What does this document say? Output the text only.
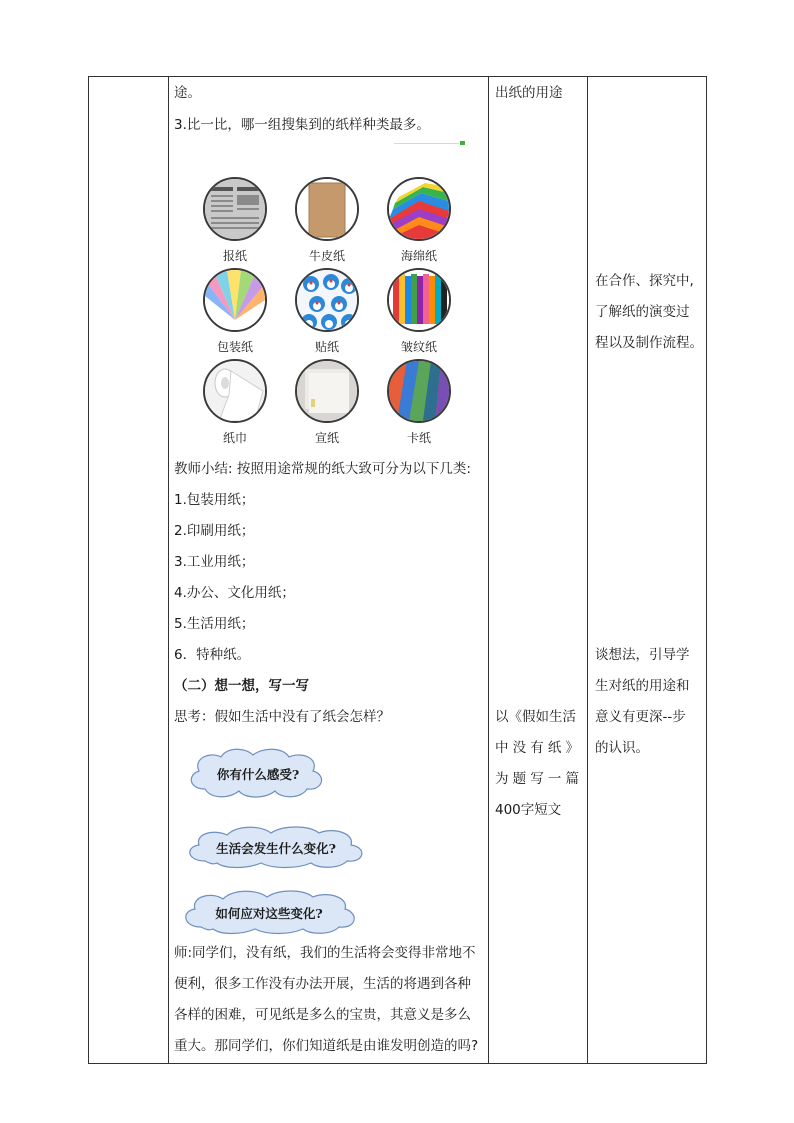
途。
3.比一比，哪一组搜集到的纸样种类最多。
报纸	牛皮纸	海绵纸
包装纸	贴纸	皱纹纸
纸巾	宣纸	卡纸
教师小结: 按照用途常规的纸大致可分为以下几类:
1.包装用纸；
2.印刷用纸；
3.工业用纸；
4.办公、文化用纸；
5.生活用纸；
6．特种纸。
（二）想一想，写一写
思考：假如生活中没有了纸会怎样？
你有什么感受?
生活会发生什么变化?
如何应对这些变化?
师:同学们，没有纸，我们的生活将会变得非常地不
便利，很多工作没有办法开展，生活的将遇到各种
各样的困难，可见纸是多么的宝贵，其意义是多么
重大。那同学们，你们知道纸是由谁发明创造的吗?
出纸的用途
以《假如生活
中 没 有 纸 》
为 题 写 一 篇
400字短文
在合作、探究中,
了解纸的演变过
程以及制作流程。
谈想法，引导学
生对纸的用途和
意义有更深--步
的认识。
